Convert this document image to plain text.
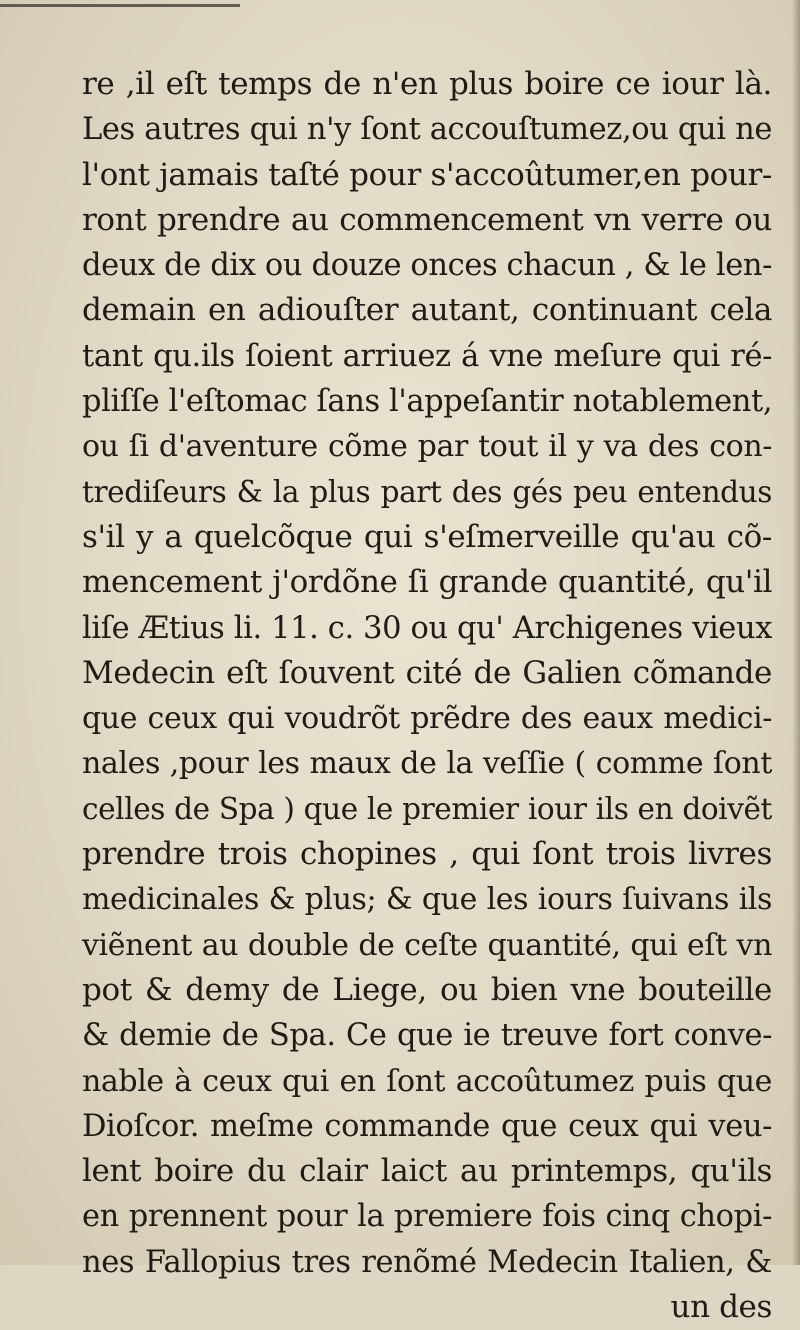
re ,il eſt temps de n'en plus boire ce iour là.
Les autres qui n'y ſont accouſtumez,ou qui ne
l'ont jamais taſté pour s'accoûtumer,en pour-
ront prendre au commencement vn verre ou
deux de dix ou douze onces chacun , & le len-
demain en adiouſter autant, continuant cela
tant qu.ils ſoient arriuez á vne meſure qui ré-
pliſſe l'eſtomac ſans l'appeſantir notablement,
ou ſi d'aventure cõme par tout il y va des con-
trediſeurs & la plus part des gés peu entendus
s'il y a quelcõque qui s'eſmerveille qu'au cõ-
mencement j'ordõne ſi grande quantité, qu'il
liſe Ætius li. 11. c. 30 ou qu' Archigenes vieux
Medecin eſt ſouvent cité de Galien cõmande
que ceux qui voudrõt prẽdre des eaux medici-
nales ,pour les maux de la veſſie ( comme ſont
celles de Spa ) que le premier iour ils en doivẽt
prendre trois chopines , qui ſont trois livres
medicinales & plus; & que les iours ſuivans ils
viẽnent au double de ceſte quantité, qui eſt vn
pot & demy de Liege, ou bien vne bouteille
& demie de Spa. Ce que ie treuve fort conve-
nable à ceux qui en ſont accoûtumez puis que
Dioſcor. meſme commande que ceux qui veu-
lent boire du clair laict au printemps, qu'ils
en prennent pour la premiere fois cinq chopi-
nes Fallopius tres renõmé Medecin Italien, &
un des
